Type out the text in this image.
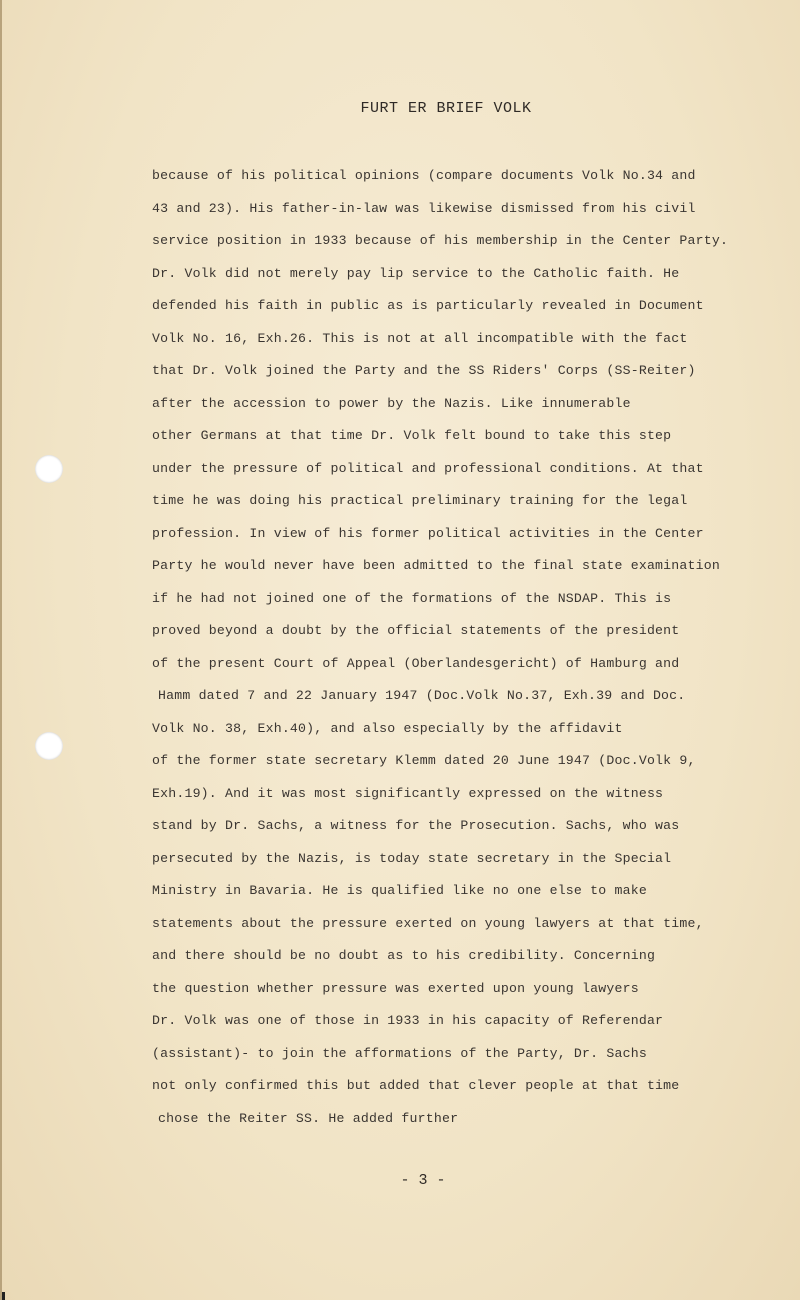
FURT ER BRIEF VOLK
because of his political opinions (compare documents Volk No.34 and
43 and 23). His father-in-law was likewise dismissed from his civil
service position in 1933 because of his membership in the Center Party.
Dr. Volk did not merely pay lip service to the Catholic faith. He
defended his faith in public as is particularly revealed in Document
Volk No. 16, Exh.26. This is not at all incompatible with the fact
that Dr. Volk joined the Party and the SS Riders' Corps (SS-Reiter)
after the accession to power by the Nazis. Like innumerable
other Germans at that time Dr. Volk felt bound to take this step
under the pressure of political and professional conditions. At that
time he was doing his practical preliminary training for the legal
profession. In view of his former political activities in the Center
Party he would never have been admitted to the final state examination
if he had not joined one of the formations of the NSDAP. This is
proved beyond a doubt by the official statements of the president
of the present Court of Appeal (Oberlandesgericht) of Hamburg and
Hamm dated 7 and 22 January 1947 (Doc.Volk No.37, Exh.39 and Doc.
Volk No. 38, Exh.40), and also especially by the affidavit
of the former state secretary Klemm dated 20 June 1947 (Doc.Volk 9,
Exh.19). And it was most significantly expressed on the witness
stand by Dr. Sachs, a witness for the Prosecution. Sachs, who was
persecuted by the Nazis, is today state secretary in the Special
Ministry in Bavaria. He is qualified like no one else to make
statements about the pressure exerted on young lawyers at that time,
and there should be no doubt as to his credibility. Concerning
the question whether pressure was exerted upon young lawyers
Dr. Volk was one of those in 1933 in his capacity of Referendar
(assistant)- to join the afformations of the Party, Dr. Sachs
not only confirmed this but added that clever people at that time
chose the Reiter SS. He added further
- 3 -
